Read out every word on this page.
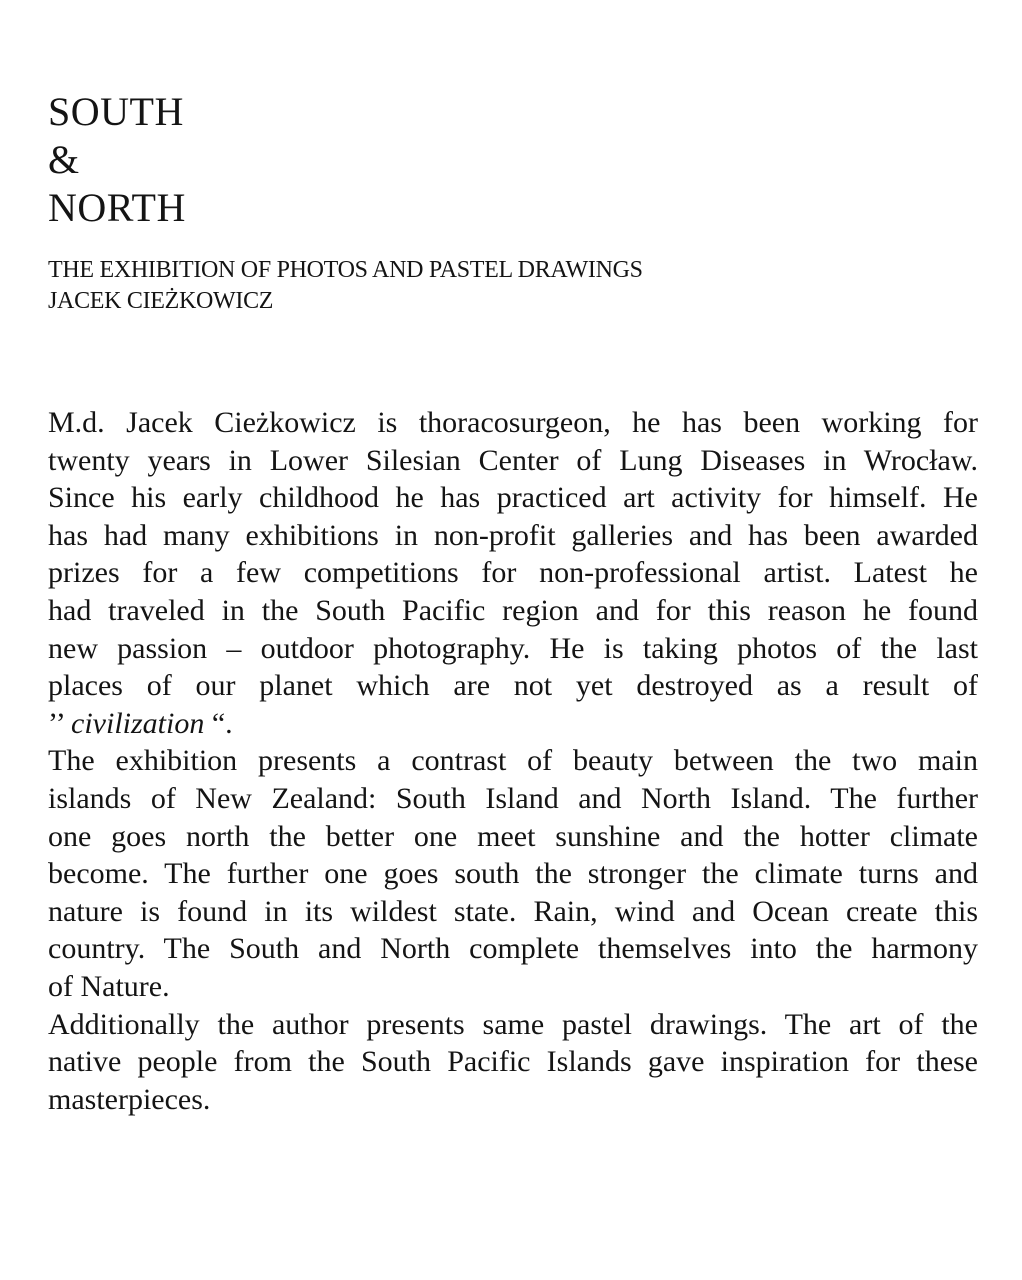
SOUTH
&
NORTH
THE EXHIBITION OF PHOTOS AND PASTEL DRAWINGS
JACEK CIEŻKOWICZ
M.d. Jacek Cieżkowicz is thoracosurgeon, he has been working for
twenty years in Lower Silesian Center of Lung Diseases in Wrocław.
Since his early childhood he has practiced art activity for himself. He
has had many exhibitions in non-profit galleries and has been awarded
prizes for a few competitions for non-professional artist. Latest he
had traveled in the South Pacific region and for this reason he found
new passion – outdoor photography. He is taking photos of the last
places of our planet which are not yet destroyed as a result of
’’ civilization “.
The exhibition presents a contrast of beauty between the two main
islands of New Zealand: South Island and North Island. The further
one goes north the better one meet sunshine and the hotter climate
become. The further one goes south the stronger the climate turns and
nature is found in its wildest state. Rain, wind and Ocean create this
country. The South and North complete themselves into the harmony
of Nature.
Additionally the author presents same pastel drawings. The art of the
native people from the South Pacific Islands gave inspiration for these
masterpieces.
